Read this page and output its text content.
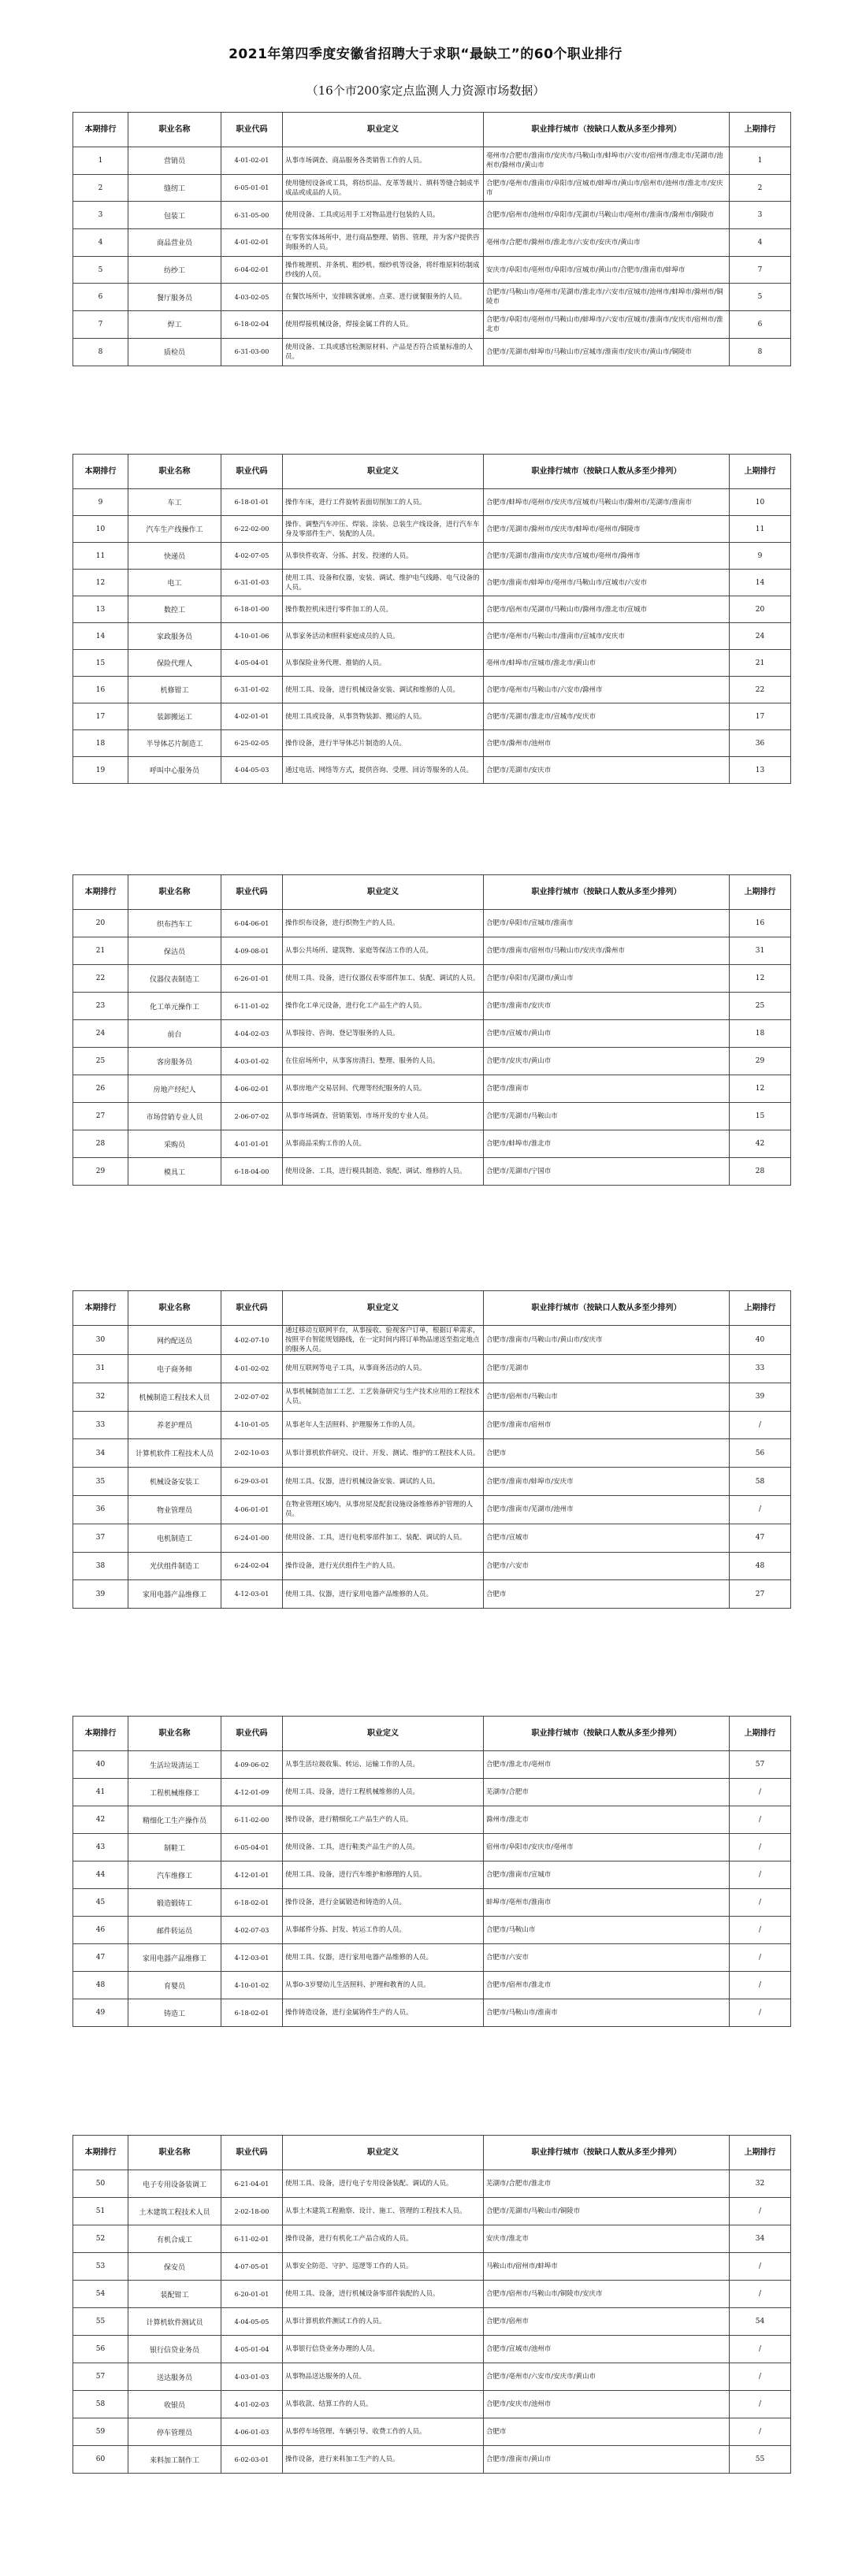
2021年第四季度安徽省招聘大于求职“最缺工”的60个职业排行
（16个市200家定点监测人力资源市场数据）
本期排行	职业名称	职业代码	职业定义	职业排行城市（按缺口人数从多至少排列）	上期排行
1	营销员	4-01-02-01	从事市场调查、商品服务各类销售工作的人员。	亳州市/合肥市/淮南市/安庆市/马鞍山市/蚌埠市/六安市/宿州市/淮北市/芜湖市/池州市/滁州市/黄山市	1
2	缝纫工	6-05-01-01	使用缝纫设备或工具，将纺织品、皮革等裁片、填料等缝合制成半成品或成品的人员。	合肥市/亳州市/淮南市/阜阳市/宣城市/蚌埠市/黄山市/宿州市/池州市/淮北市/安庆市	2
3	包装工	6-31-05-00	使用设备、工具或运用手工对物品进行包装的人员。	合肥市/宿州市/池州市/阜阳市/芜湖市/马鞍山市/亳州市/淮南市/滁州市/铜陵市	3
4	商品营业员	4-01-02-01	在零售实体场所中，进行商品整理、销售、管理，并为客户提供咨询服务的人员。	亳州市/合肥市/滁州市/淮北市/六安市/安庆市/黄山市	4
5	纺纱工	6-04-02-01	操作梳理机、并条机、粗纱机、细纱机等设备，将纤维原料纺制成纱线的人员。	安庆市/阜阳市/亳州市/阜阳市/宣城市/黄山市/合肥市/淮南市/蚌埠市	7
6	餐厅服务员	4-03-02-05	在餐饮场所中，安排顾客就座、点菜、进行就餐服务的人员。	合肥市/马鞍山市/亳州市/芜湖市/淮北市/六安市/宣城市/池州市/蚌埠市/滁州市/铜陵市	5
7	焊工	6-18-02-04	使用焊接机械设备，焊接金属工件的人员。	合肥市/阜阳市/亳州市/马鞍山市/蚌埠市/六安市/宣城市/淮南市/安庆市/宿州市/淮北市	6
8	质检员	6-31-03-00	使用设备、工具或感官检测原材料、产品是否符合质量标准的人员。	合肥市/芜湖市/蚌埠市/马鞍山市/宣城市/淮南市/安庆市/黄山市/铜陵市	8
本期排行	职业名称	职业代码	职业定义	职业排行城市（按缺口人数从多至少排列）	上期排行
9	车工	6-18-01-01	操作车床，进行工件旋转表面切削加工的人员。	合肥市/蚌埠市/亳州市/安庆市/宣城市/马鞍山市/滁州市/芜湖市/淮南市	10
10	汽车生产线操作工	6-22-02-00	操作、调整汽车冲压、焊装、涂装、总装生产线设备，进行汽车车身及零部件生产、装配的人员。	合肥市/芜湖市/滁州市/安庆市/蚌埠市/亳州市/铜陵市	11
11	快递员	4-02-07-05	从事快件收寄、分拣、封发、投递的人员。	合肥市/芜湖市/淮南市/安庆市/宣城市/亳州市/滁州市	9
12	电工	6-31-01-03	使用工具、设备和仪器，安装、调试、维护电气线路、电气设备的人员。	合肥市/淮南市/蚌埠市/亳州市/马鞍山市/宣城市/六安市	14
13	数控工	6-18-01-00	操作数控机床进行零件加工的人员。	合肥市/宿州市/芜湖市/马鞍山市/滁州市/淮北市/宣城市	20
14	家政服务员	4-10-01-06	从事家务活动和照料家庭成员的人员。	合肥市/亳州市/马鞍山市/淮南市/宣城市/安庆市	24
15	保险代理人	4-05-04-01	从事保险业务代理、推销的人员。	亳州市/蚌埠市/宣城市/淮北市/黄山市	21
16	机修钳工	6-31-01-02	使用工具、设备，进行机械设备安装、调试和维修的人员。	合肥市/亳州市/马鞍山市/六安市/滁州市	22
17	装卸搬运工	4-02-01-01	使用工具或设备，从事货物装卸、搬运的人员。	合肥市/芜湖市/淮北市/宣城市/安庆市	17
18	半导体芯片制造工	6-25-02-05	操作设备，进行半导体芯片制造的人员。	合肥市/滁州市/池州市	36
19	呼叫中心服务员	4-04-05-03	通过电话、网络等方式，提供咨询、受理、回访等服务的人员。	合肥市/芜湖市/安庆市	13
本期排行	职业名称	职业代码	职业定义	职业排行城市（按缺口人数从多至少排列）	上期排行
20	织布挡车工	6-04-06-01	操作织布设备，进行织物生产的人员。	合肥市/阜阳市/宣城市/淮南市	16
21	保洁员	4-09-08-01	从事公共场所、建筑物、家庭等保洁工作的人员。	合肥市/淮南市/宿州市/马鞍山市/安庆市/滁州市	31
22	仪器仪表制造工	6-26-01-01	使用工具、设备，进行仪器仪表零部件加工、装配、调试的人员。	合肥市/阜阳市/芜湖市/黄山市	12
23	化工单元操作工	6-11-01-02	操作化工单元设备，进行化工产品生产的人员。	合肥市/淮南市/安庆市	25
24	前台	4-04-02-03	从事接待、咨询、登记等服务的人员。	合肥市/宣城市/黄山市	18
25	客房服务员	4-03-01-02	在住宿场所中，从事客房清扫、整理、服务的人员。	合肥市/安庆市/黄山市	29
26	房地产经纪人	4-06-02-01	从事房地产交易居间、代理等经纪服务的人员。	合肥市/淮南市	12
27	市场营销专业人员	2-06-07-02	从事市场调查、营销策划、市场开发的专业人员。	合肥市/芜湖市/马鞍山市	15
28	采购员	4-01-01-01	从事商品采购工作的人员。	合肥市/蚌埠市/淮北市	42
29	模具工	6-18-04-00	使用设备、工具，进行模具制造、装配、调试、维修的人员。	合肥市/芜湖市/宁国市	28
本期排行	职业名称	职业代码	职业定义	职业排行城市（按缺口人数从多至少排列）	上期排行
30	网约配送员	4-02-07-10	通过移动互联网平台，从事接收、验视客户订单，根据订单需求，按照平台智能规划路线，在一定时间内将订单物品递送至指定地点的服务人员。	合肥市/淮南市/马鞍山市/黄山市/安庆市	40
31	电子商务师	4-01-02-02	使用互联网等电子工具，从事商务活动的人员。	合肥市/芜湖市	33
32	机械制造工程技术人员	2-02-07-02	从事机械制造加工工艺、工艺装备研究与生产技术应用的工程技术人员。	合肥市/宿州市/马鞍山市	39
33	养老护理员	4-10-01-05	从事老年人生活照料、护理服务工作的人员。	合肥市/淮南市/宿州市	/
34	计算机软件工程技术人员	2-02-10-03	从事计算机软件研究、设计、开发、测试、维护的工程技术人员。	合肥市	56
35	机械设备安装工	6-29-03-01	使用工具、仪器，进行机械设备安装、调试的人员。	合肥市/淮南市/蚌埠市/安庆市	58
36	物业管理员	4-06-01-01	在物业管理区域内，从事房屋及配套设施设备维修养护管理的人员。	合肥市/淮南市/芜湖市/池州市	/
37	电机制造工	6-24-01-00	使用设备、工具，进行电机零部件加工、装配、调试的人员。	合肥市/宣城市	47
38	光伏组件制造工	6-24-02-04	操作设备，进行光伏组件生产的人员。	合肥市/六安市	48
39	家用电器产品维修工	4-12-03-01	使用工具、仪器，进行家用电器产品维修的人员。	合肥市	27
本期排行	职业名称	职业代码	职业定义	职业排行城市（按缺口人数从多至少排列）	上期排行
40	生活垃圾清运工	4-09-06-02	从事生活垃圾收集、转运、运输工作的人员。	合肥市/淮北市/亳州市	57
41	工程机械维修工	4-12-01-09	使用工具、设备，进行工程机械维修的人员。	芜湖市/合肥市	/
42	精细化工生产操作员	6-11-02-00	操作设备，进行精细化工产品生产的人员。	滁州市/淮北市	/
43	制鞋工	6-05-04-01	使用设备、工具，进行鞋类产品生产的人员。	宿州市/阜阳市/安庆市/亳州市	/
44	汽车维修工	4-12-01-01	使用工具、设备，进行汽车维护和修理的人员。	合肥市/淮南市/宣城市	/
45	锻造锻铸工	6-18-02-01	操作设备，进行金属锻造和铸造的人员。	蚌埠市/亳州市/淮南市	/
46	邮件转运员	4-02-07-03	从事邮件分拣、封发、转运工作的人员。	合肥市/马鞍山市	/
47	家用电器产品维修工	4-12-03-01	使用工具、仪器，进行家用电器产品维修的人员。	合肥市/六安市	/
48	育婴员	4-10-01-02	从事0-3岁婴幼儿生活照料、护理和教育的人员。	合肥市/宿州市/淮北市	/
49	铸造工	6-18-02-01	操作铸造设备，进行金属铸件生产的人员。	合肥市/马鞍山市/淮南市	/
本期排行	职业名称	职业代码	职业定义	职业排行城市（按缺口人数从多至少排列）	上期排行
50	电子专用设备装调工	6-21-04-01	使用工具、设备，进行电子专用设备装配、调试的人员。	芜湖市/合肥市/淮北市	32
51	土木建筑工程技术人员	2-02-18-00	从事土木建筑工程勘察、设计、施工、管理的工程技术人员。	合肥市/芜湖市/马鞍山市/铜陵市	/
52	有机合成工	6-11-02-01	操作设备，进行有机化工产品合成的人员。	安庆市/淮北市	34
53	保安员	4-07-05-01	从事安全防范、守护、巡逻等工作的人员。	马鞍山市/宿州市/蚌埠市	/
54	装配钳工	6-20-01-01	使用工具、设备，进行机械设备零部件装配的人员。	合肥市/宿州市/马鞍山市/铜陵市/安庆市	/
55	计算机软件测试员	4-04-05-05	从事计算机软件测试工作的人员。	合肥市/宿州市	54
56	银行信贷业务员	4-05-01-04	从事银行信贷业务办理的人员。	合肥市/宣城市/池州市	/
57	送达服务员	4-03-01-03	从事物品送达服务的人员。	合肥市/亳州市/六安市/安庆市/黄山市	/
58	收银员	4-01-02-03	从事收款、结算工作的人员。	合肥市/安庆市/池州市	/
59	停车管理员	4-06-01-03	从事停车场管理、车辆引导、收费工作的人员。	合肥市	/
60	来料加工制作工	6-02-03-01	操作设备，进行来料加工生产的人员。	合肥市/淮南市/黄山市	55
